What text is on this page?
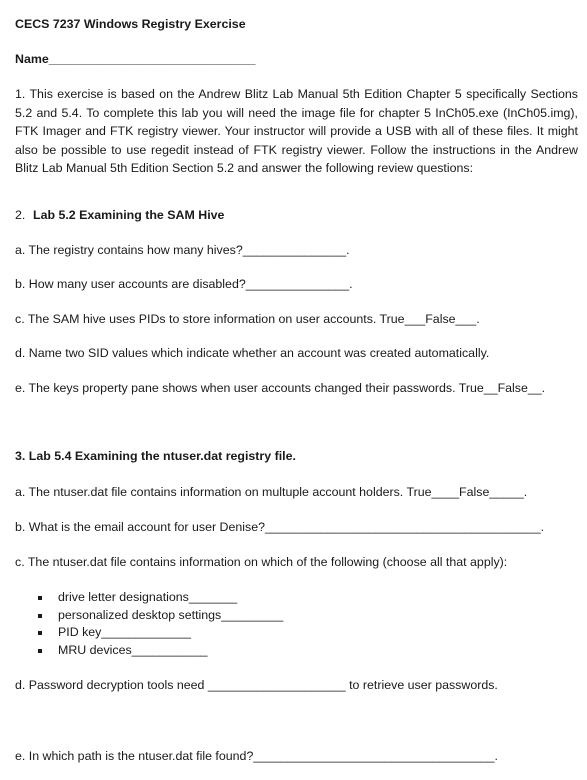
CECS 7237 Windows Registry Exercise
Name______________________________
1. This exercise is based on the Andrew Blitz Lab Manual 5th Edition Chapter 5 specifically Sections 5.2 and 5.4. To complete this lab you will need the image file for chapter 5 InCh05.exe (InCh05.img), FTK Imager and FTK registry viewer. Your instructor will provide a USB with all of these files. It might also be possible to use regedit instead of FTK registry viewer. Follow the instructions in the Andrew Blitz Lab Manual 5th Edition Section 5.2 and answer the following review questions:
2. Lab 5.2 Examining the SAM Hive
a. The registry contains how many hives?_______________.
b. How many user accounts are disabled?_______________.
c. The SAM hive uses PIDs to store information on user accounts. True___False___.
d. Name two SID values which indicate whether an account was created automatically.
e. The keys property pane shows when user accounts changed their passwords. True__False__.
3. Lab 5.4 Examining the ntuser.dat registry file.
a. The ntuser.dat file contains information on multuple account holders. True____False_____.
b. What is the email account for user Denise?________________________________________.
c. The ntuser.dat file contains information on which of the following (choose all that apply):
drive letter designations_______
personalized desktop settings_________
PID key_____________
MRU devices___________
d. Password decryption tools need ____________________ to retrieve user passwords.
e. In which path is the ntuser.dat file found?___________________________________.
